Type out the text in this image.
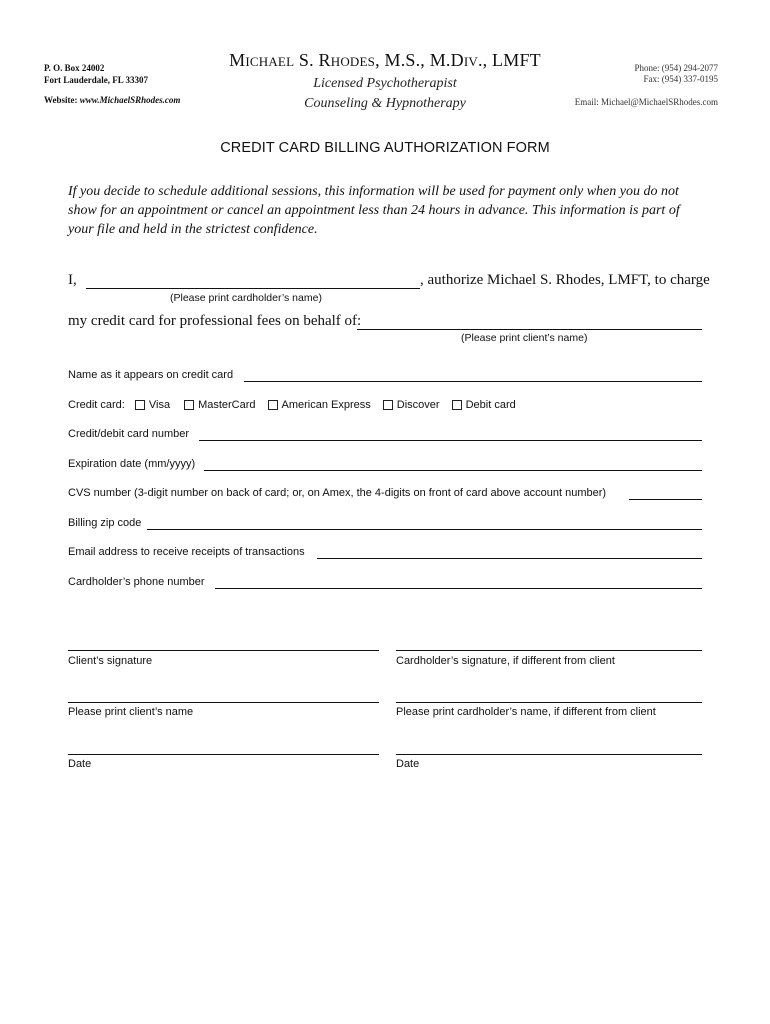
P. O. Box 24002
Fort Lauderdale, FL 33307
Website: www.MichaelSRhodes.com
MICHAEL S. RHODES, M.S., M.DIV., LMFT
Licensed Psychotherapist
Counseling & Hypnotherapy
Phone: (954) 294-2077
Fax: (954) 337-0195
Email: Michael@MichaelSRhodes.com
CREDIT CARD BILLING AUTHORIZATION FORM
If you decide to schedule additional sessions, this information will be used for payment only when you do not show for an appointment or cancel an appointment less than 24 hours in advance. This information is part of your file and held in the strictest confidence.
I,	, authorize Michael S. Rhodes, LMFT, to charge
(Please print cardholder’s name)
my credit card for professional fees on behalf of:
(Please print client’s name)
Name as it appears on credit card
Credit card: Visa	MasterCard American Express Discover Debit card
Credit/debit card number
Expiration date (mm/yyyy)
CVS number (3-digit number on back of card; or, on Amex, the 4-digits on front of card above account number)
Billing zip code
Email address to receive receipts of transactions
Cardholder’s phone number
Client’s signature	Cardholder’s signature, if different from client
Please print client’s name	Please print cardholder’s name, if different from client
Date	Date
